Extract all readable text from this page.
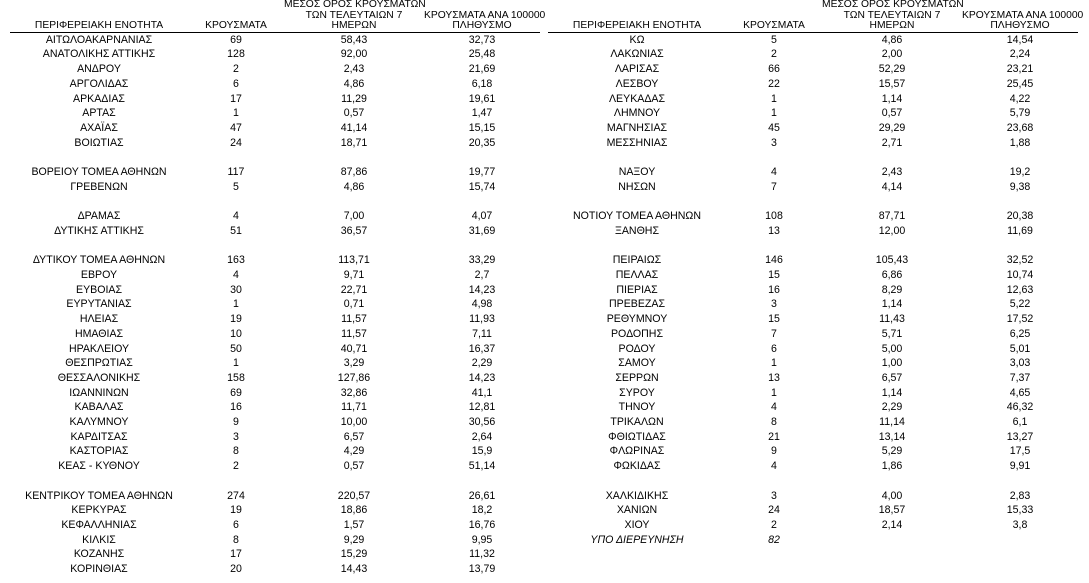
ΠΕΡΙΦΕΡΕΙΑΚΗ ΕΝΟΤΗΤΑ	ΚΡΟΥΣΜΑΤΑ	ΜΕΣΟΣ ΟΡΟΣ ΚΡΟΥΣΜΑΤΩΝ
ΤΩΝ ΤΕΛΕΥΤΑΙΩΝ 7
ΗΜΕΡΩΝ	ΚΡΟΥΣΜΑΤΑ ΑΝΑ 100000
ΠΛΗΘΥΣΜΟ

ΑΙΤΩΛΟΑΚΑΡΝΑΝΙΑΣ	69	58,43	32,73
ΑΝΑΤΟΛΙΚΗΣ ΑΤΤΙΚΗΣ	128	92,00	25,48
ΑΝΔΡΟΥ	2	2,43	21,69
ΑΡΓΟΛΙΔΑΣ	6	4,86	6,18
ΑΡΚΑΔΙΑΣ	17	11,29	19,61
ΑΡΤΑΣ	1	0,57	1,47
ΑΧΑΪΑΣ	47	41,14	15,15
ΒΟΙΩΤΙΑΣ	24	18,71	20,35

ΒΟΡΕΙΟΥ ΤΟΜΕΑ ΑΘΗΝΩΝ	117	87,86	19,77
ΓΡΕΒΕΝΩΝ	5	4,86	15,74

ΔΡΑΜΑΣ	4	7,00	4,07
ΔΥΤΙΚΗΣ ΑΤΤΙΚΗΣ	51	36,57	31,69

ΔΥΤΙΚΟΥ ΤΟΜΕΑ ΑΘΗΝΩΝ	163	113,71	33,29
ΕΒΡΟΥ	4	9,71	2,7
ΕΥΒΟΙΑΣ	30	22,71	14,23
ΕΥΡΥΤΑΝΙΑΣ	1	0,71	4,98
ΗΛΕΙΑΣ	19	11,57	11,93
ΗΜΑΘΙΑΣ	10	11,57	7,11
ΗΡΑΚΛΕΙΟΥ	50	40,71	16,37
ΘΕΣΠΡΩΤΙΑΣ	1	3,29	2,29
ΘΕΣΣΑΛΟΝΙΚΗΣ	158	127,86	14,23
ΙΩΑΝΝΙΝΩΝ	69	32,86	41,1
ΚΑΒΑΛΑΣ	16	11,71	12,81
ΚΑΛΥΜΝΟΥ	9	10,00	30,56
ΚΑΡΔΙΤΣΑΣ	3	6,57	2,64
ΚΑΣΤΟΡΙΑΣ	8	4,29	15,9
ΚΕΑΣ - ΚΥΘΝΟΥ	2	0,57	51,14

ΚΕΝΤΡΙΚΟΥ ΤΟΜΕΑ ΑΘΗΝΩΝ	274	220,57	26,61
ΚΕΡΚΥΡΑΣ	19	18,86	18,2
ΚΕΦΑΛΛΗΝΙΑΣ	6	1,57	16,76
ΚΙΛΚΙΣ	8	9,29	9,95
ΚΟΖΑΝΗΣ	17	15,29	11,32
ΚΟΡΙΝΘΙΑΣ	20	14,43	13,79
ΠΕΡΙΦΕΡΕΙΑΚΗ ΕΝΟΤΗΤΑ	ΚΡΟΥΣΜΑΤΑ	ΜΕΣΟΣ ΟΡΟΣ ΚΡΟΥΣΜΑΤΩΝ
ΤΩΝ ΤΕΛΕΥΤΑΙΩΝ 7
ΗΜΕΡΩΝ	ΚΡΟΥΣΜΑΤΑ ΑΝΑ 100000
ΠΛΗΘΥΣΜΟ

ΚΩ	5	4,86	14,54
ΛΑΚΩΝΙΑΣ	2	2,00	2,24
ΛΑΡΙΣΑΣ	66	52,29	23,21
ΛΕΣΒΟΥ	22	15,57	25,45
ΛΕΥΚΑΔΑΣ	1	1,14	4,22
ΛΗΜΝΟΥ	1	0,57	5,79
ΜΑΓΝΗΣΙΑΣ	45	29,29	23,68
ΜΕΣΣΗΝΙΑΣ	3	2,71	1,88

ΝΑΞΟΥ	4	2,43	19,2
ΝΗΣΩΝ	7	4,14	9,38

ΝΟΤΙΟΥ ΤΟΜΕΑ ΑΘΗΝΩΝ	108	87,71	20,38
ΞΑΝΘΗΣ	13	12,00	11,69

ΠΕΙΡΑΙΩΣ	146	105,43	32,52
ΠΕΛΛΑΣ	15	6,86	10,74
ΠΙΕΡΙΑΣ	16	8,29	12,63
ΠΡΕΒΕΖΑΣ	3	1,14	5,22
ΡΕΘΥΜΝΟΥ	15	11,43	17,52
ΡΟΔΟΠΗΣ	7	5,71	6,25
ΡΟΔΟΥ	6	5,00	5,01
ΣΑΜΟΥ	1	1,00	3,03
ΣΕΡΡΩΝ	13	6,57	7,37
ΣΥΡΟΥ	1	1,14	4,65
ΤΗΝΟΥ	4	2,29	46,32
ΤΡΙΚΑΛΩΝ	8	11,14	6,1
ΦΘΙΩΤΙΔΑΣ	21	13,14	13,27
ΦΛΩΡΙΝΑΣ	9	5,29	17,5
ΦΩΚΙΔΑΣ	4	1,86	9,91

ΧΑΛΚΙΔΙΚΗΣ	3	4,00	2,83
ΧΑΝΙΩΝ	24	18,57	15,33
ΧΙΟΥ	2	2,14	3,8
ΥΠΟ ΔΙΕΡΕΥΝΗΣΗ	82		
